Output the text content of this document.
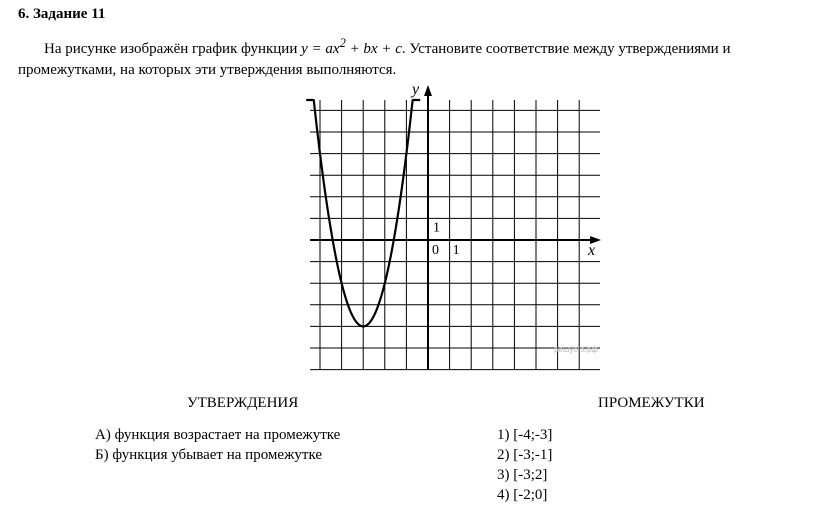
6. Задание 11
На рисунке изображён график функции $y = ax^2$ + bx + c. Установите соответствие между утверждениями и промежутками, на которых эти утверждения выполняются.
y
x
0 1
1
решуогэ.рф
УТВЕРЖДЕНИЯ	ПРОМЕЖУТКИ
А) функция возрастает на промежутке
Б) функция убывает на промежутке
1) [-4;-3]
2) [-3;-1]
3) [-3;2]
4) [-2;0]
